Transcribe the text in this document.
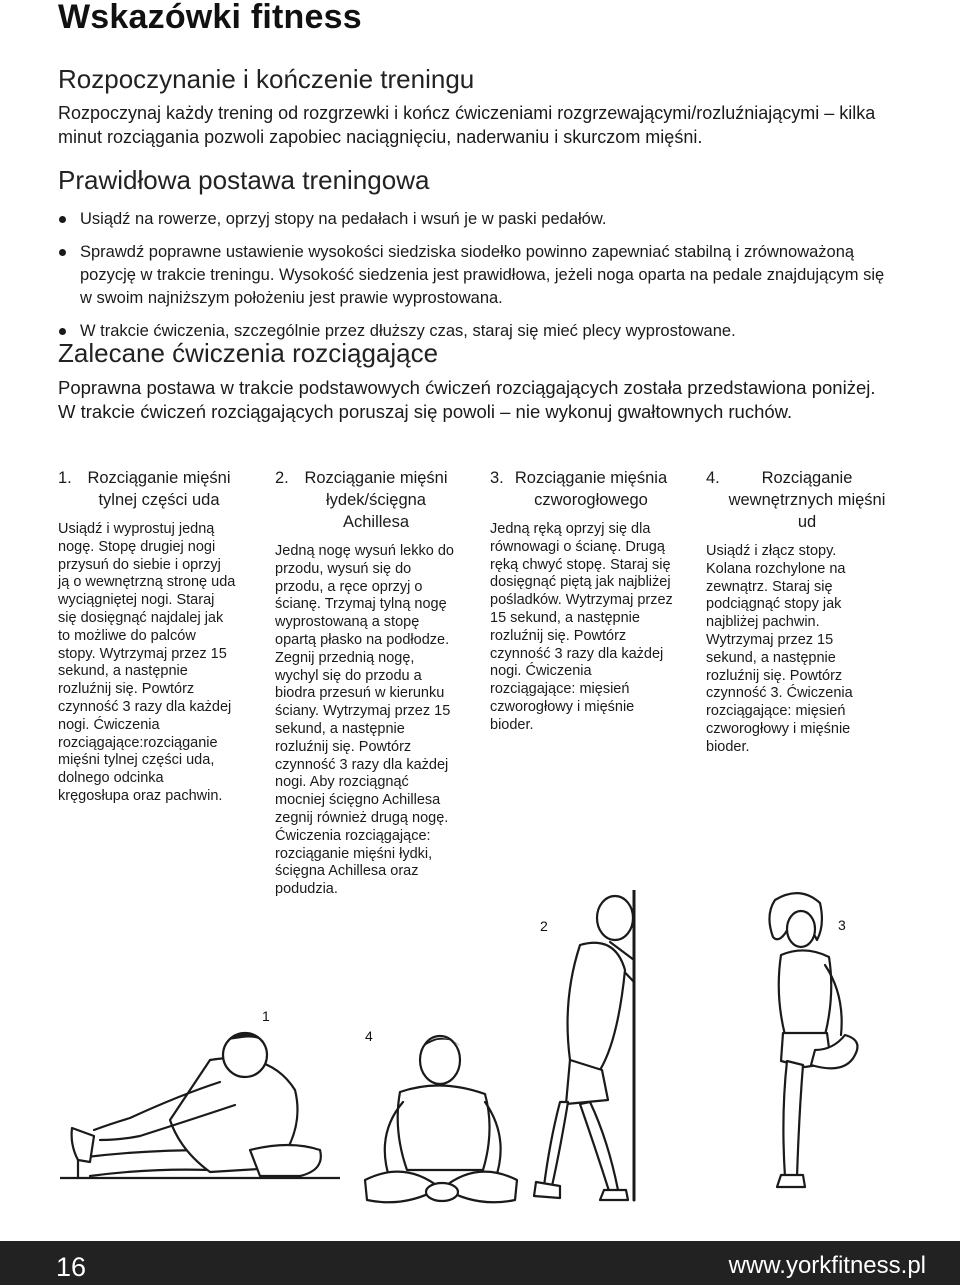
Wskazówki fitness
Rozpoczynanie i kończenie treningu

Rozpoczynaj każdy trening od rozgrzewki i kończ ćwiczeniami rozgrzewającymi/rozluźniającymi – kilka minut rozciągania pozwoli zapobiec naciągnięciu, naderwaniu i skurczom mięśni.

Prawidłowa postawa treningowa
Usiądź na rowerze, oprzyj stopy na pedałach i wsuń je w paski pedałów.
Sprawdź poprawne ustawienie wysokości siedziska siodełko powinno zapewniać stabilną i zrównoważoną pozycję w trakcie treningu. Wysokość siedzenia jest prawidłowa, jeżeli noga oparta na pedale znajdującym się w swoim najniższym położeniu jest prawie wyprostowana.
W trakcie ćwiczenia, szczególnie przez dłuższy czas, staraj się mieć plecy wyprostowane.
Zalecane ćwiczenia rozciągające

Poprawna postawa w trakcie podstawowych ćwiczeń rozciągających została przedstawiona poniżej. W trakcie ćwiczeń rozciągających poruszaj się powoli – nie wykonuj gwałtownych ruchów.

1. Rozciąganie mięśni tylnej części uda

Usiądź i wyprostuj jedną nogę. Stopę drugiej nogi przysuń do siebie i oprzyj ją o wewnętrzną stronę uda wyciągniętej nogi. Staraj się dosięgnąć najdalej jak to możliwe do palców stopy. Wytrzymaj przez 15 sekund, a następnie rozluźnij się. Powtórz czynność 3 razy dla każdej nogi. Ćwiczenia rozciągające:rozciąganie mięśni tylnej części uda, dolnego odcinka kręgosłupa oraz pachwin.

2. Rozciąganie mięśni łydek/ścięgna Achillesa

Jedną nogę wysuń lekko do przodu, wysuń się do przodu, a ręce oprzyj o ścianę. Trzymaj tylną nogę wyprostowaną a stopę opartą płasko na podłodze. Zegnij przednią nogę, wychyl się do przodu a biodra przesuń w kierunku ściany. Wytrzymaj przez 15 sekund, a następnie rozluźnij się. Powtórz czynność 3 razy dla każdej nogi. Aby rozciągnąć mocniej ścięgno Achillesa zegnij również drugą nogę. Ćwiczenia rozciągające: rozciąganie mięśni łydki, ścięgna Achillesa oraz podudzia.

3. Rozciąganie mięśnia czworogłowego

Jedną ręką oprzyj się dla równowagi o ścianę. Drugą ręką chwyć stopę. Staraj się dosięgnąć piętą jak najbliżej pośladków. Wytrzymaj przez 15 sekund, a następnie rozluźnij się. Powtórz czynność 3 razy dla każdej nogi. Ćwiczenia rozciągające: mięsień czworogłowy i mięśnie bioder.

4.	Rozciąganie wewnętrznych mięśni ud

Usiądź i złącz stopy. Kolana rozchylone na zewnątrz. Staraj się podciągnąć stopy jak najbliżej pachwin. Wytrzymaj przez 15 sekund, a następnie rozluźnij się. Powtórz czynność 3. Ćwiczenia rozciągające: mięsień czworogłowy i mięśnie bioder.

1
4
2	3
16	www.yorkfitness.pl
